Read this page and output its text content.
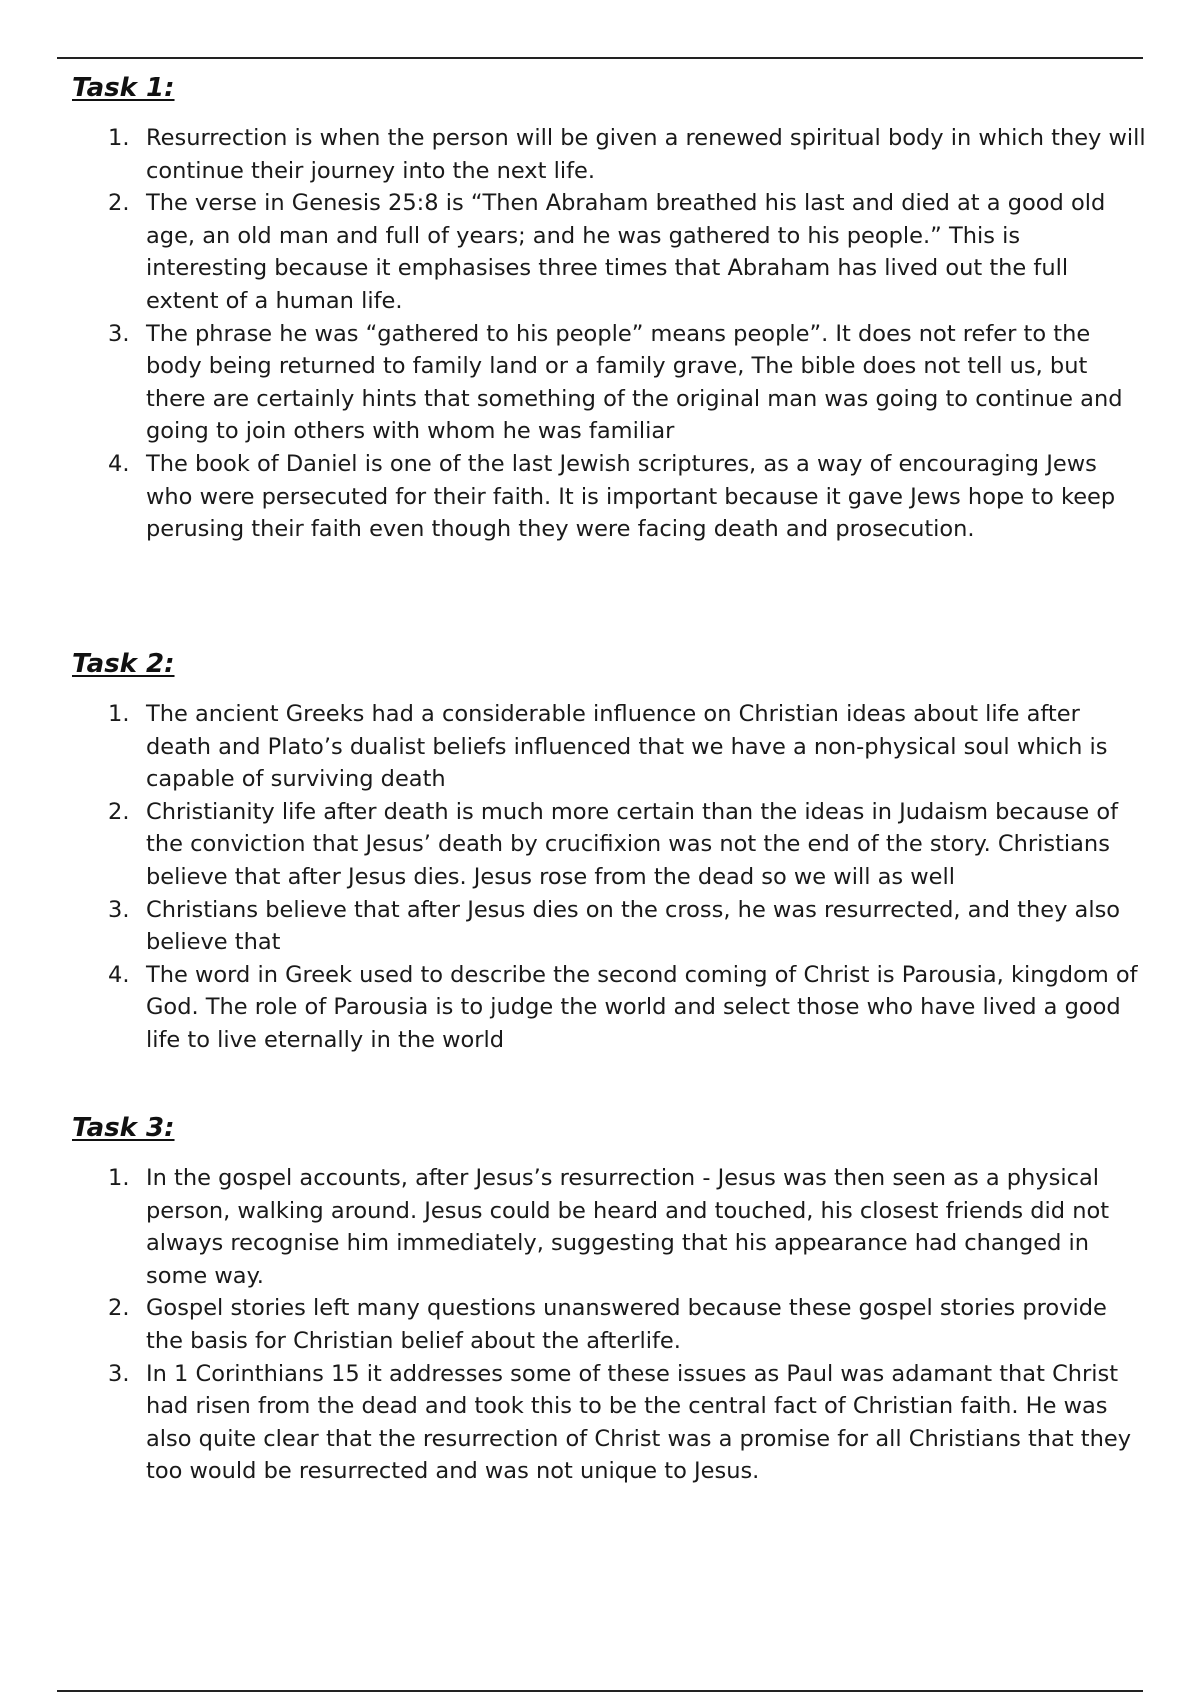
Task 1:
1. Resurrection is when the person will be given a renewed spiritual body in which they will continue their journey into the next life.
2. The verse in Genesis 25:8 is “Then Abraham breathed his last and died at a good old age, an old man and full of years; and he was gathered to his people.” This is interesting because it emphasises three times that Abraham has lived out the full extent of a human life.
3. The phrase he was “gathered to his people” means people”. It does not refer to the body being returned to family land or a family grave, The bible does not tell us, but there are certainly hints that something of the original man was going to continue and going to join others with whom he was familiar
4. The book of Daniel is one of the last Jewish scriptures, as a way of encouraging Jews who were persecuted for their faith. It is important because it gave Jews hope to keep perusing their faith even though they were facing death and prosecution.
Task 2:
1. The ancient Greeks had a considerable influence on Christian ideas about life after death and Plato’s dualist beliefs influenced that we have a non-physical soul which is capable of surviving death
2. Christianity life after death is much more certain than the ideas in Judaism because of the conviction that Jesus’ death by crucifixion was not the end of the story. Christians believe that after Jesus dies. Jesus rose from the dead so we will as well
3. Christians believe that after Jesus dies on the cross, he was resurrected, and they also believe that
4. The word in Greek used to describe the second coming of Christ is Parousia, kingdom of God. The role of Parousia is to judge the world and select those who have lived a good life to live eternally in the world
Task 3:
1. In the gospel accounts, after Jesus’s resurrection - Jesus was then seen as a physical person, walking around. Jesus could be heard and touched, his closest friends did not always recognise him immediately, suggesting that his appearance had changed in some way.
2. Gospel stories left many questions unanswered because these gospel stories provide the basis for Christian belief about the afterlife.
3. In 1 Corinthians 15 it addresses some of these issues as Paul was adamant that Christ had risen from the dead and took this to be the central fact of Christian faith. He was also quite clear that the resurrection of Christ was a promise for all Christians that they too would be resurrected and was not unique to Jesus.
